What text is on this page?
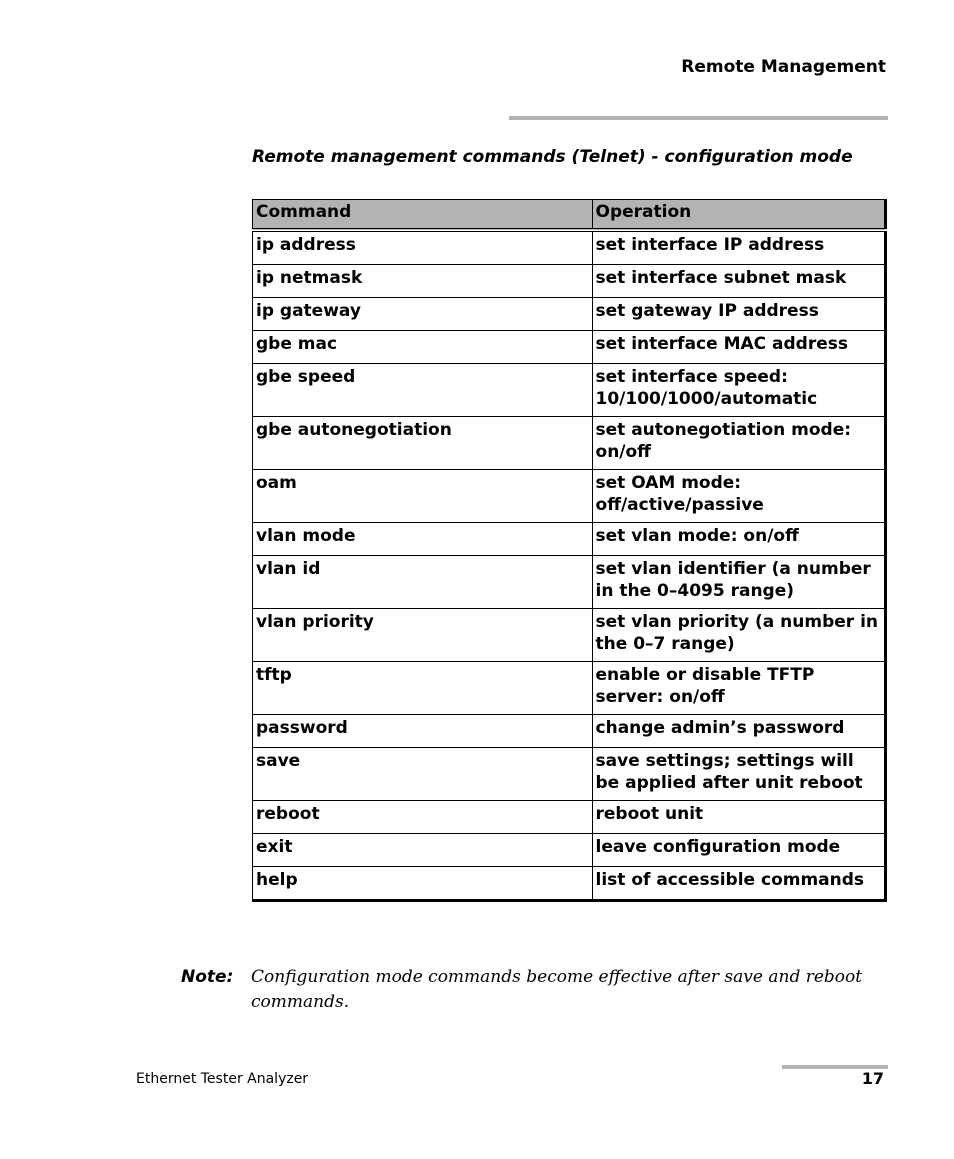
Remote Management
Remote management commands (Telnet) - configuration mode
Command	Operation
ip address	set interface IP address
ip netmask	set interface subnet mask
ip gateway	set gateway IP address
gbe mac	set interface MAC address
gbe speed	set interface speed: 10/100/1000/automatic
gbe autonegotiation	set autonegotiation mode: on/off
oam	set OAM mode: off/active/passive
vlan mode	set vlan mode: on/off
vlan id	set vlan identifier (a number in the 0–4095 range)
vlan priority	set vlan priority (a number in the 0–7 range)
tftp	enable or disable TFTP server: on/off
password	change admin’s password
save	save settings; settings will be applied after unit reboot
reboot	reboot unit
exit	leave configuration mode
help	list of accessible commands
Note: Configuration mode commands become effective after save and reboot commands.
Ethernet Tester Analyzer	17
